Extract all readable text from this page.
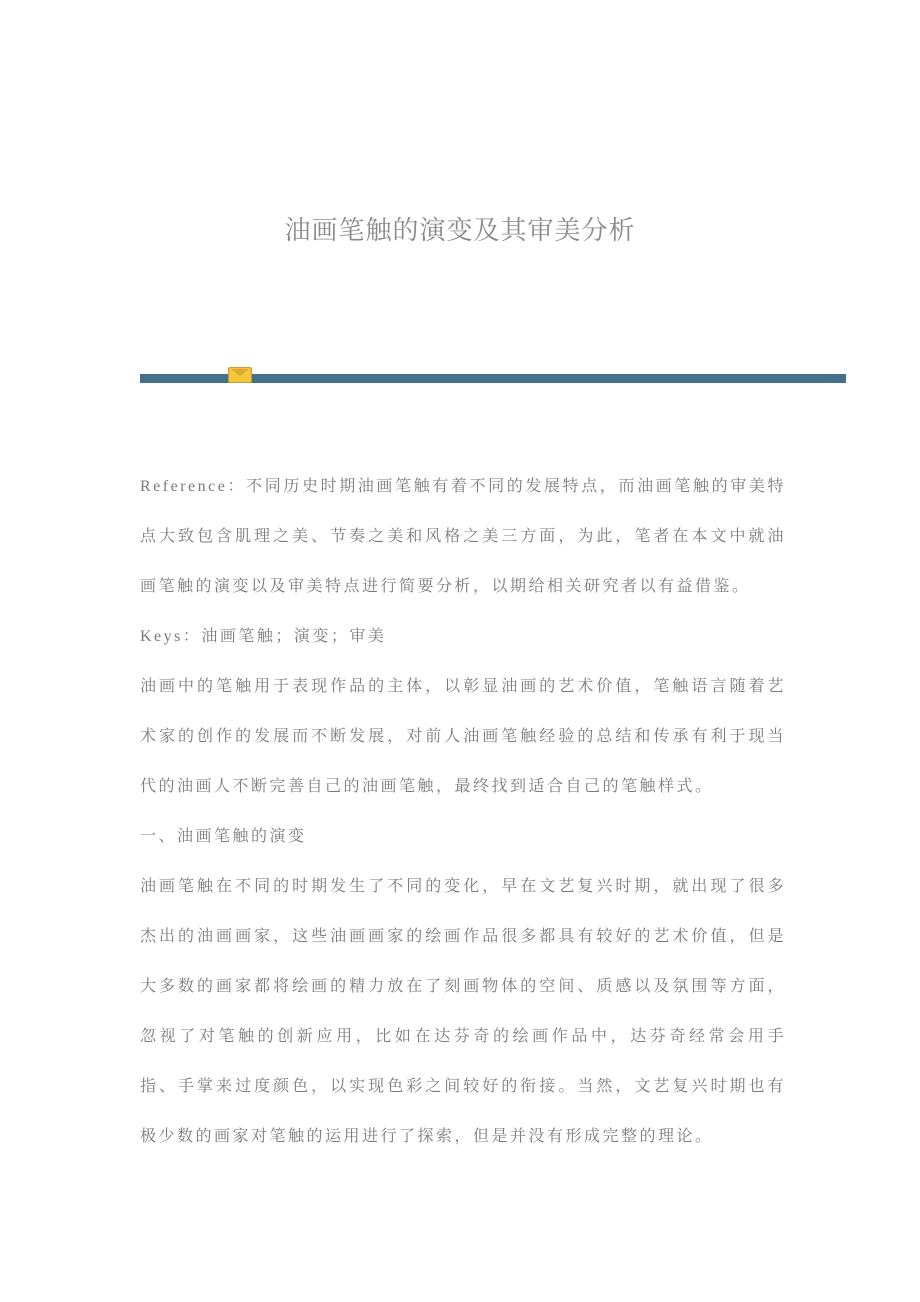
油画笔触的演变及其审美分析

Reference：不同历史时期油画笔触有着不同的发展特点，而油画笔触的审美特点大致包含肌理之美、节奏之美和风格之美三方面，为此，笔者在本文中就油画笔触的演变以及审美特点进行简要分析，以期给相关研究者以有益借鉴。

Keys：油画笔触；演变；审美

油画中的笔触用于表现作品的主体，以彰显油画的艺术价值，笔触语言随着艺术家的创作的发展而不断发展，对前人油画笔触经验的总结和传承有利于现当代的油画人不断完善自己的油画笔触，最终找到适合自己的笔触样式。

一、油画笔触的演变

油画笔触在不同的时期发生了不同的变化，早在文艺复兴时期，就出现了很多杰出的油画画家，这些油画画家的绘画作品很多都具有较好的艺术价值，但是大多数的画家都将绘画的精力放在了刻画物体的空间、质感以及氛围等方面，忽视了对笔触的创新应用，比如在达芬奇的绘画作品中，达芬奇经常会用手指、手掌来过度颜色，以实现色彩之间较好的衔接。当然，文艺复兴时期也有极少数的画家对笔触的运用进行了探索，但是并没有形成完整的理论。
